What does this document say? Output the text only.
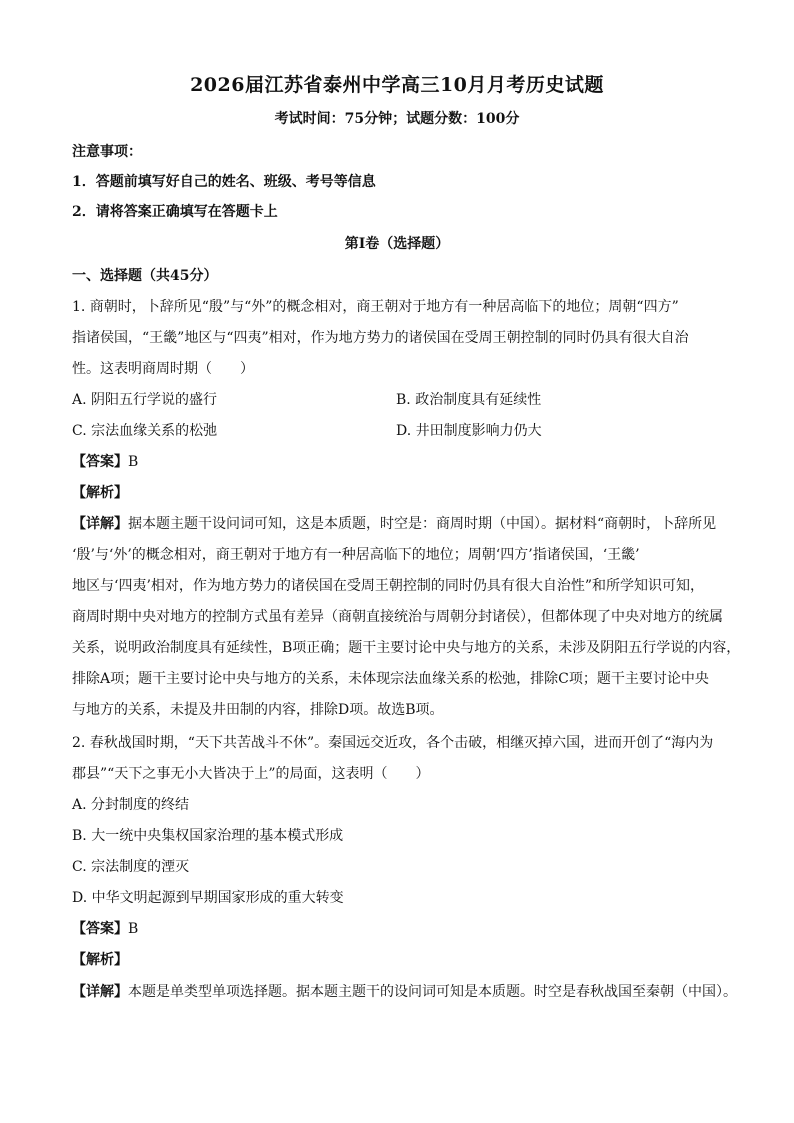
2026届江苏省泰州中学高三10月月考历史试题
考试时间：75分钟；试题分数：100分
注意事项：
1．答题前填写好自己的姓名、班级、考号等信息
2．请将答案正确填写在答题卡上
第I卷（选择题）
一、选择题（共45分）
1. 商朝时，卜辞所见“殷”与“外”的概念相对，商王朝对于地方有一种居高临下的地位；周朝“四方”
指诸侯国，“王畿”地区与“四夷”相对，作为地方势力的诸侯国在受周王朝控制的同时仍具有很大自治
性。这表明商周时期（　　）
A. 阴阳五行学说的盛行	B. 政治制度具有延续性
C. 宗法血缘关系的松弛	D. 井田制度影响力仍大
【答案】B
【解析】
【详解】据本题主题干设问词可知，这是本质题，时空是：商周时期（中国）。据材料“商朝时，卜辞所见
‘殷’与‘外’的概念相对，商王朝对于地方有一种居高临下的地位；周朝‘四方’指诸侯国，‘王畿’
地区与‘四夷’相对，作为地方势力的诸侯国在受周王朝控制的同时仍具有很大自治性”和所学知识可知，
商周时期中央对地方的控制方式虽有差异（商朝直接统治与周朝分封诸侯），但都体现了中央对地方的统属
关系，说明政治制度具有延续性，B项正确；题干主要讨论中央与地方的关系，未涉及阴阳五行学说的内容，
排除A项；题干主要讨论中央与地方的关系，未体现宗法血缘关系的松弛，排除C项；题干主要讨论中央
与地方的关系，未提及井田制的内容，排除D项。故选B项。
2. 春秋战国时期，“天下共苦战斗不休”。秦国远交近攻，各个击破，相继灭掉六国，进而开创了“海内为
郡县”“天下之事无小大皆决于上”的局面，这表明（　　）
A. 分封制度的终结
B. 大一统中央集权国家治理的基本模式形成
C. 宗法制度的湮灭
D. 中华文明起源到早期国家形成的重大转变
【答案】B
【解析】
【详解】本题是单类型单项选择题。据本题主题干的设问词可知是本质题。时空是春秋战国至秦朝（中国）。
